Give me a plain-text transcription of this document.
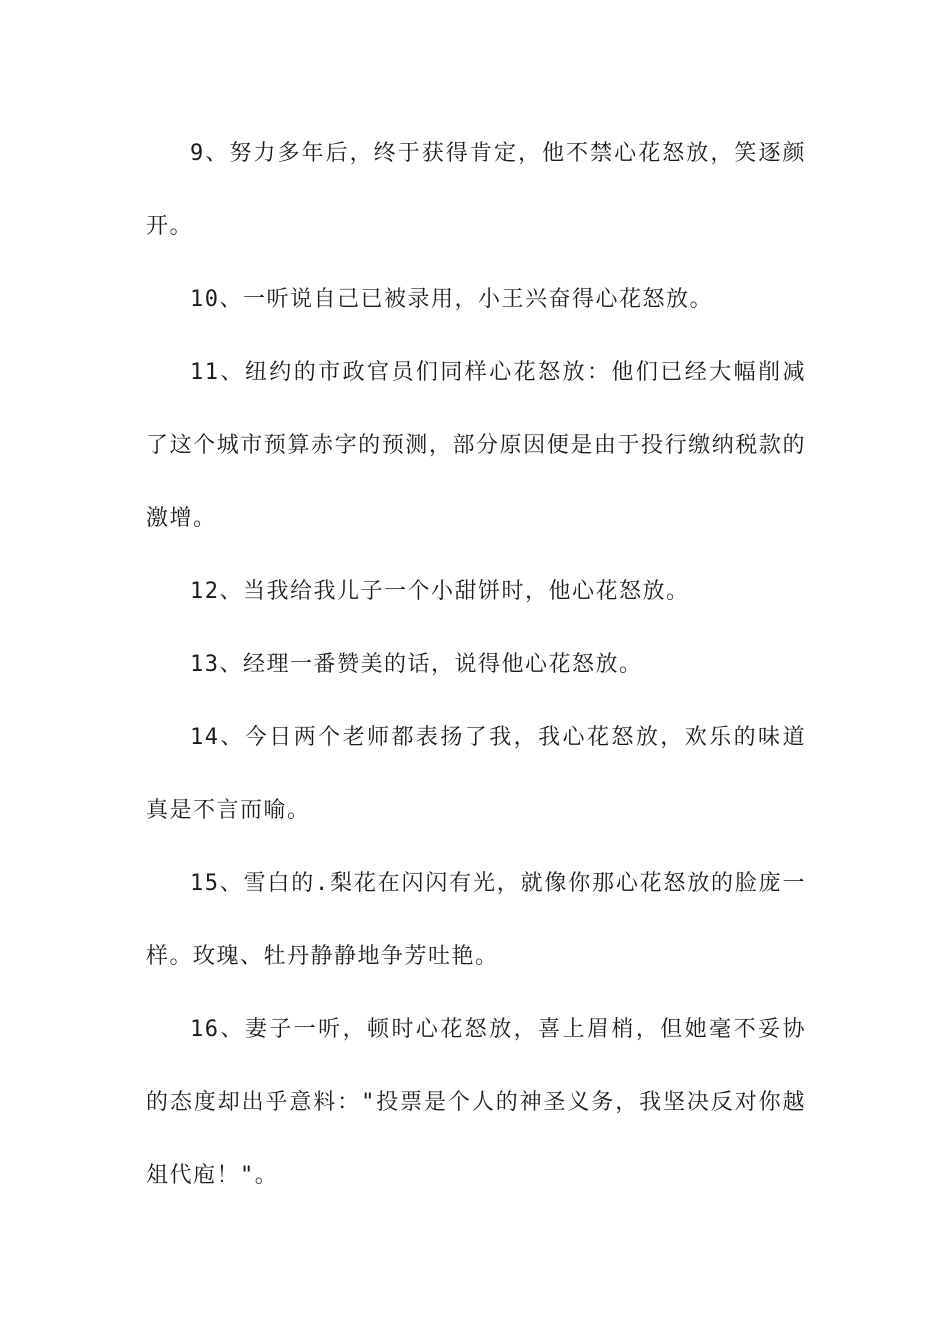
9、努力多年后，终于获得肯定，他不禁心花怒放，笑逐颜开。

10、一听说自己已被录用，小王兴奋得心花怒放。

11、纽约的市政官员们同样心花怒放：他们已经大幅削减了这个城市预算赤字的预测，部分原因便是由于投行缴纳税款的激增。

12、当我给我儿子一个小甜饼时，他心花怒放。

13、经理一番赞美的话，说得他心花怒放。

14、今日两个老师都表扬了我，我心花怒放，欢乐的味道真是不言而喻。

15、雪白的.梨花在闪闪有光，就像你那心花怒放的脸庞一样。玫瑰、牡丹静静地争芳吐艳。

16、妻子一听，顿时心花怒放，喜上眉梢，但她毫不妥协的态度却出乎意料："投票是个人的神圣义务，我坚决反对你越俎代庖！"。
